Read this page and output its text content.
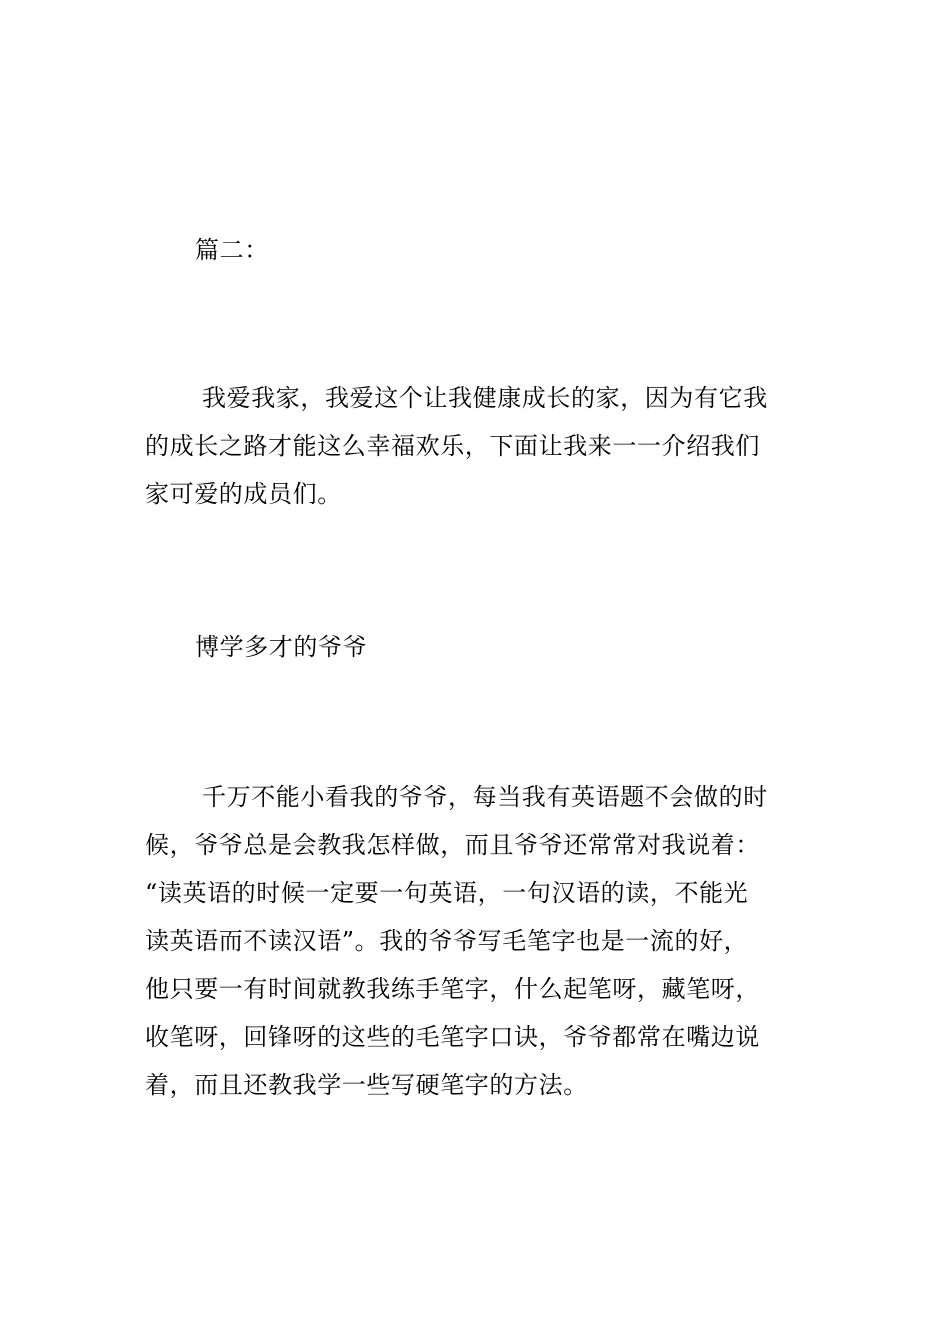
篇二：
我爱我家，我爱这个让我健康成长的家，因为有它我
的成长之路才能这么幸福欢乐，下面让我来一一介绍我们
家可爱的成员们。
博学多才的爷爷
千万不能小看我的爷爷，每当我有英语题不会做的时
候，爷爷总是会教我怎样做，而且爷爷还常常对我说着：
“读英语的时候一定要一句英语，一句汉语的读，不能光
读英语而不读汉语”。我的爷爷写毛笔字也是一流的好，
他只要一有时间就教我练手笔字，什么起笔呀，藏笔呀，
收笔呀，回锋呀的这些的毛笔字口诀，爷爷都常在嘴边说
着，而且还教我学一些写硬笔字的方法。
